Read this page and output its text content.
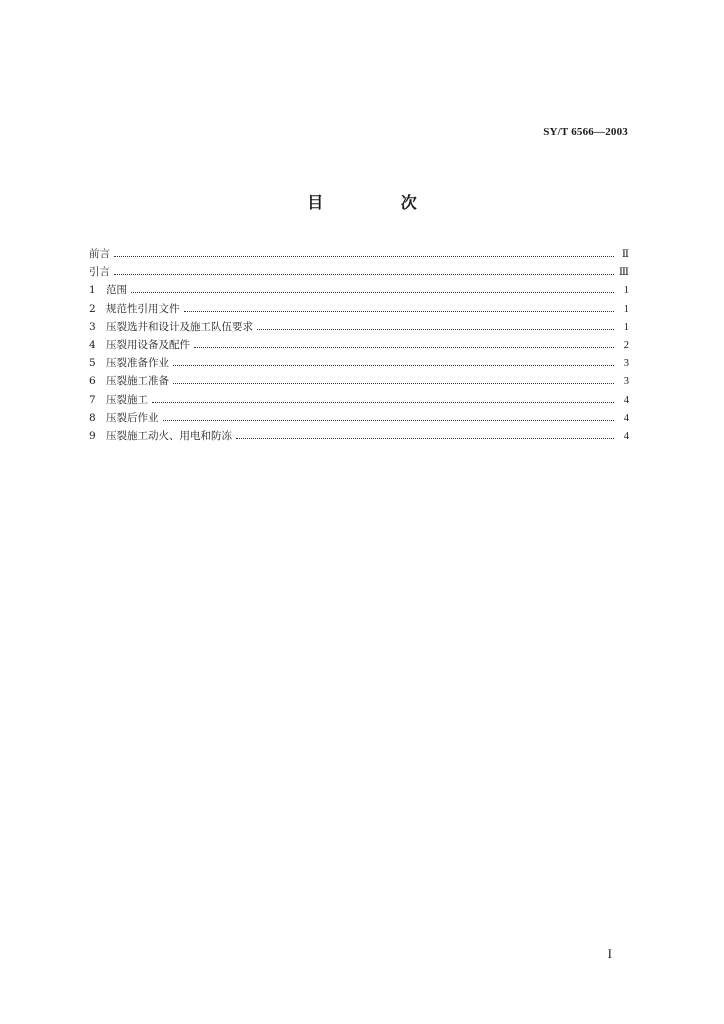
SY/T 6566—2003
目 次
前言	Ⅱ
引言	Ⅲ
1 范围	1
2 规范性引用文件	1
3 压裂选井和设计及施工队伍要求	1
4 压裂用设备及配件	2
5 压裂准备作业	3
6 压裂施工准备	3
7 压裂施工	4
8 压裂后作业	4
9 压裂施工动火、用电和防冻	4
I
